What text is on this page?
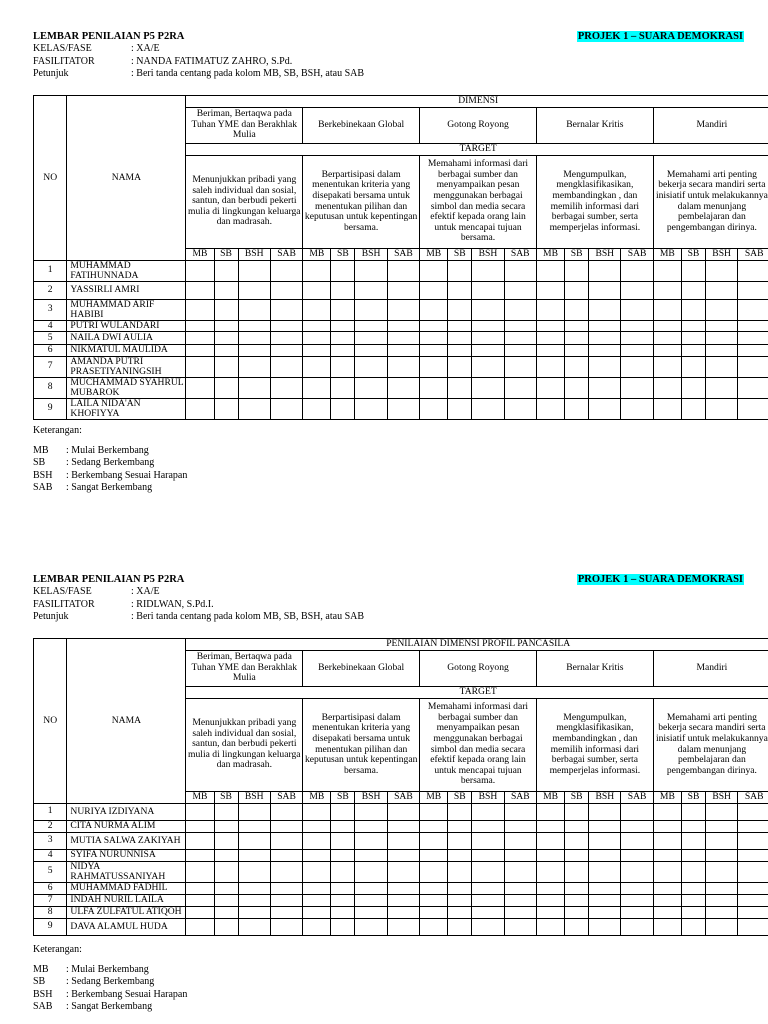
LEMBAR PENILAIAN P5 P2RA	PROJEK 1 – SUARA DEMOKRASI
KELAS/FASE	: XA/E
FASILITATOR	: NANDA FATIMATUZ ZAHRO, S.Pd.
Petunjuk	: Beri tanda centang pada kolom MB, SB, BSH, atau SAB
NO	NAMA	DIMENSI																			
		Beriman, Bertaqwa pada Tuhan YME dan Berakhlak Mulia				Berkebinekaan Global				Gotong Royong				Bernalar Kritis				Mandiri			
		TARGET																			
		Menunjukkan pribadi yang saleh individual dan sosial, santun, dan berbudi pekerti mulia di lingkungan keluarga dan madrasah.				Berpartisipasi dalam menentukan kriteria yang disepakati bersama untuk menentukan pilihan dan keputusan untuk kepentingan bersama.				Memahami informasi dari berbagai sumber dan menyampaikan pesan menggunakan berbagai simbol dan media secara efektif kepada orang lain untuk mencapai tujuan bersama.				Mengumpulkan, mengklasifikasikan, membandingkan , dan memilih informasi dari berbagai sumber, serta memperjelas informasi.				Memahami arti penting bekerja secara mandiri serta inisiatif untuk melakukannya dalam menunjang pembelajaran dan pengembangan dirinya.			
		MB	SB	BSH	SAB	MB	SB	BSH	SAB	MB	SB	BSH	SAB	MB	SB	BSH	SAB	MB	SB	BSH	SAB
1	MUHAMMAD FATIHUNNADA																				
2	YASSIRLI AMRI																				
3	MUHAMMAD ARIF HABIBI																				
4	PUTRI WULANDARI																				
5	NAILA DWI AULIA																				
6	NIKMATUL MAULIDA																				
7	AMANDA PUTRI PRASETIYANINGSIH																				
8	MUCHAMMAD SYAHRUL MUBAROK																				
9	LAILA NIDA'AN KHOFIYYA																				
Keterangan:
MB : Mulai Berkembang
SB : Sedang Berkembang
BSH : Berkembang Sesuai Harapan
SAB : Sangat Berkembang
LEMBAR PENILAIAN P5 P2RA	PROJEK 1 – SUARA DEMOKRASI
KELAS/FASE	: XA/E
FASILITATOR	: RIDLWAN, S.Pd.I.
Petunjuk	: Beri tanda centang pada kolom MB, SB, BSH, atau SAB
NO	NAMA	PENILAIAN DIMENSI PROFIL PANCASILA																			
		Beriman, Bertaqwa pada Tuhan YME dan Berakhlak Mulia				Berkebinekaan Global				Gotong Royong				Bernalar Kritis				Mandiri			
		TARGET																			
		Menunjukkan pribadi yang saleh individual dan sosial, santun, dan berbudi pekerti mulia di lingkungan keluarga dan madrasah.				Berpartisipasi dalam menentukan kriteria yang disepakati bersama untuk menentukan pilihan dan keputusan untuk kepentingan bersama.				Memahami informasi dari berbagai sumber dan menyampaikan pesan menggunakan berbagai simbol dan media secara efektif kepada orang lain untuk mencapai tujuan bersama.				Mengumpulkan, mengklasifikasikan, membandingkan , dan memilih informasi dari berbagai sumber, serta memperjelas informasi.				Memahami arti penting bekerja secara mandiri serta inisiatif untuk melakukannya dalam menunjang pembelajaran dan pengembangan dirinya.			
		MB	SB	BSH	SAB	MB	SB	BSH	SAB	MB	SB	BSH	SAB	MB	SB	BSH	SAB	MB	SB	BSH	SAB
1	NURIYA IZDIYANA																				
2	CITA NURMA ALIM																				
3	MUTIA SALWA ZAKIYAH																				
4	SYIFA NURUNNISA																				
5	NIDYA RAHMATUSSANIYAH																				
6	MUHAMMAD FADHIL																				
7	INDAH NURIL LAILA																				
8	ULFA ZULFATUL ATIQOH																				
9	DAVA ALAMUL HUDA																				
Keterangan:
MB : Mulai Berkembang
SB : Sedang Berkembang
BSH : Berkembang Sesuai Harapan
SAB : Sangat Berkembang
